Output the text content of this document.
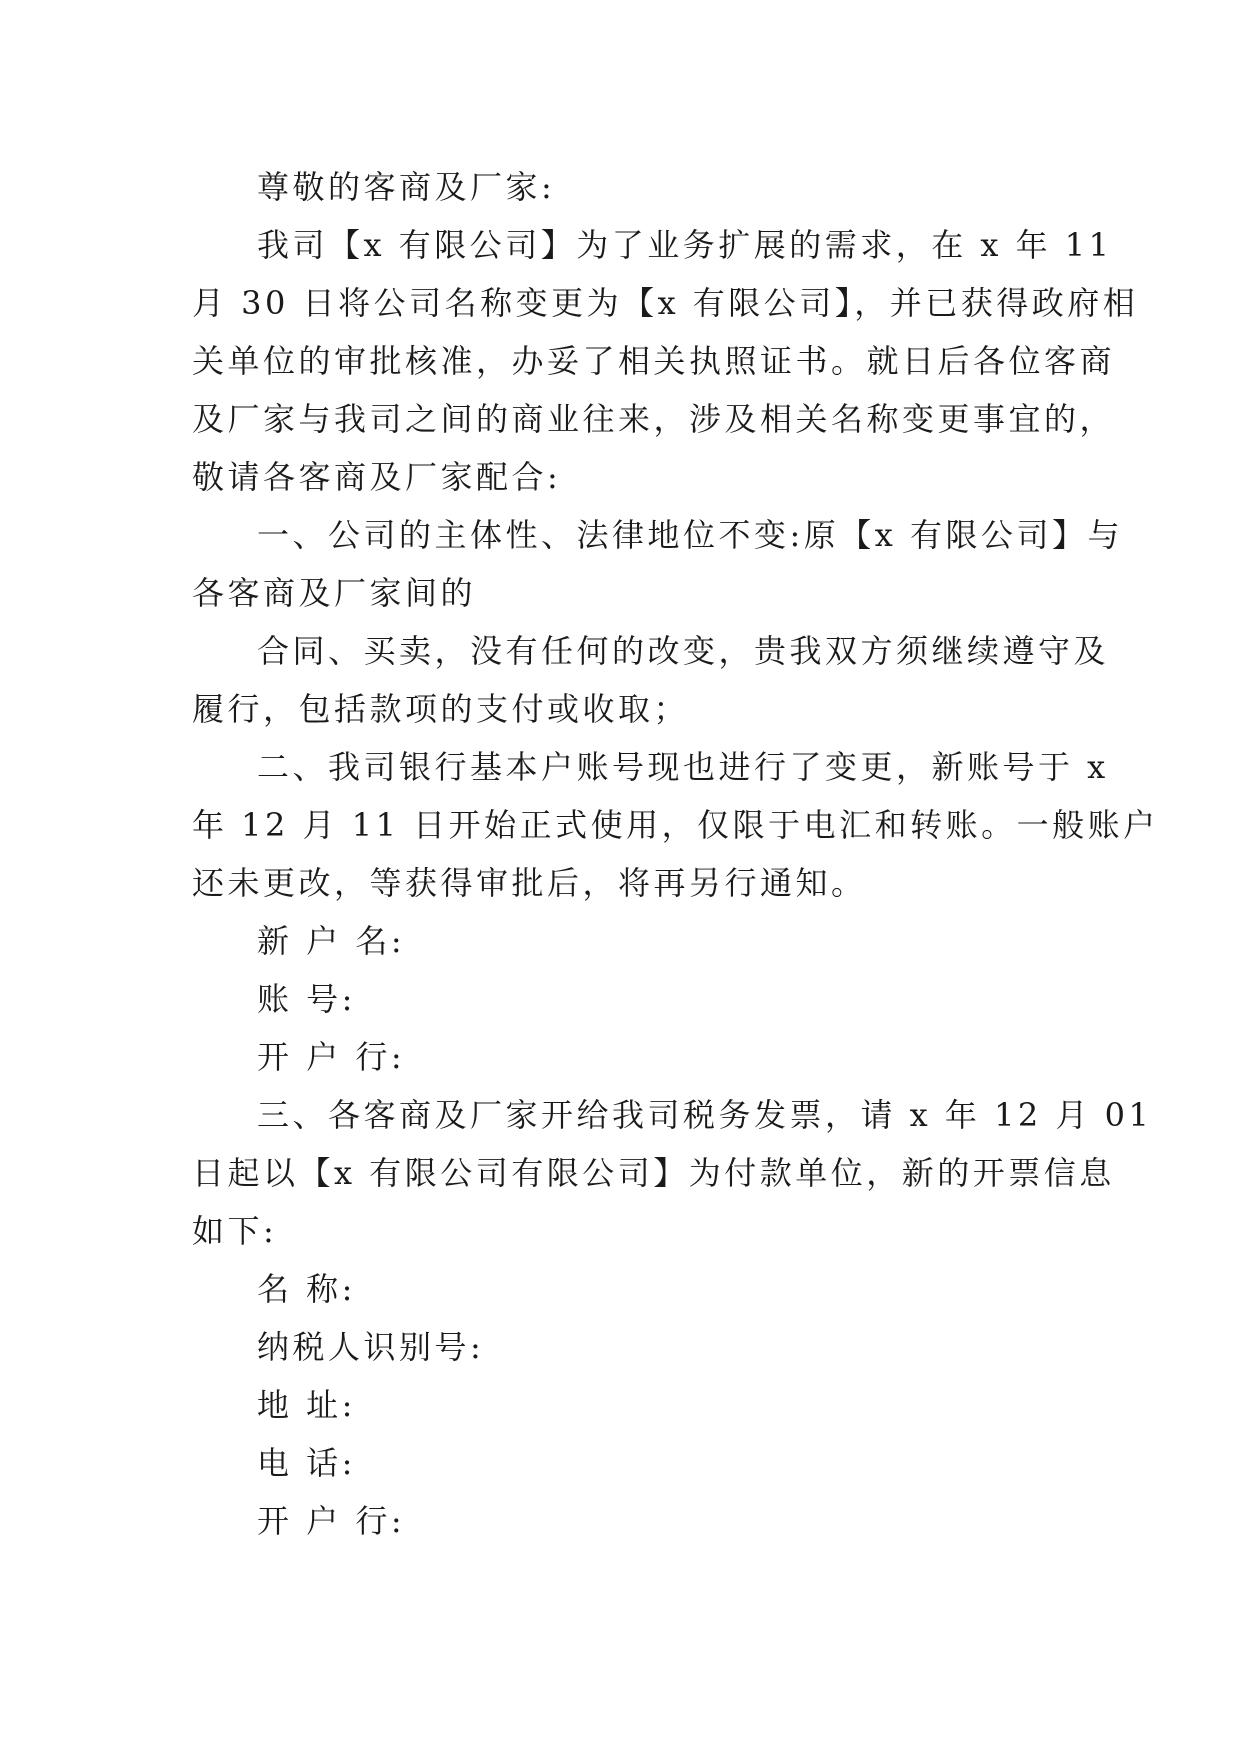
尊敬的客商及厂家:
我司【x 有限公司】为了业务扩展的需求，在 x 年 11
月 30 日将公司名称变更为【x 有限公司】，并已获得政府相
关单位的审批核准，办妥了相关执照证书。就日后各位客商
及厂家与我司之间的商业往来，涉及相关名称变更事宜的，
敬请各客商及厂家配合:
一、公司的主体性、法律地位不变:原【x 有限公司】与
各客商及厂家间的
合同、买卖，没有任何的改变，贵我双方须继续遵守及
履行，包括款项的支付或收取；
二、我司银行基本户账号现也进行了变更，新账号于 x
年 12 月 11 日开始正式使用，仅限于电汇和转账。一般账户
还未更改，等获得审批后，将再另行通知。
新 户 名:
账 号:
开 户 行:
三、各客商及厂家开给我司税务发票，请 x 年 12 月 01
日起以【x 有限公司有限公司】为付款单位，新的开票信息
如下:
名 称:
纳税人识别号:
地 址:
电 话:
开 户 行:
